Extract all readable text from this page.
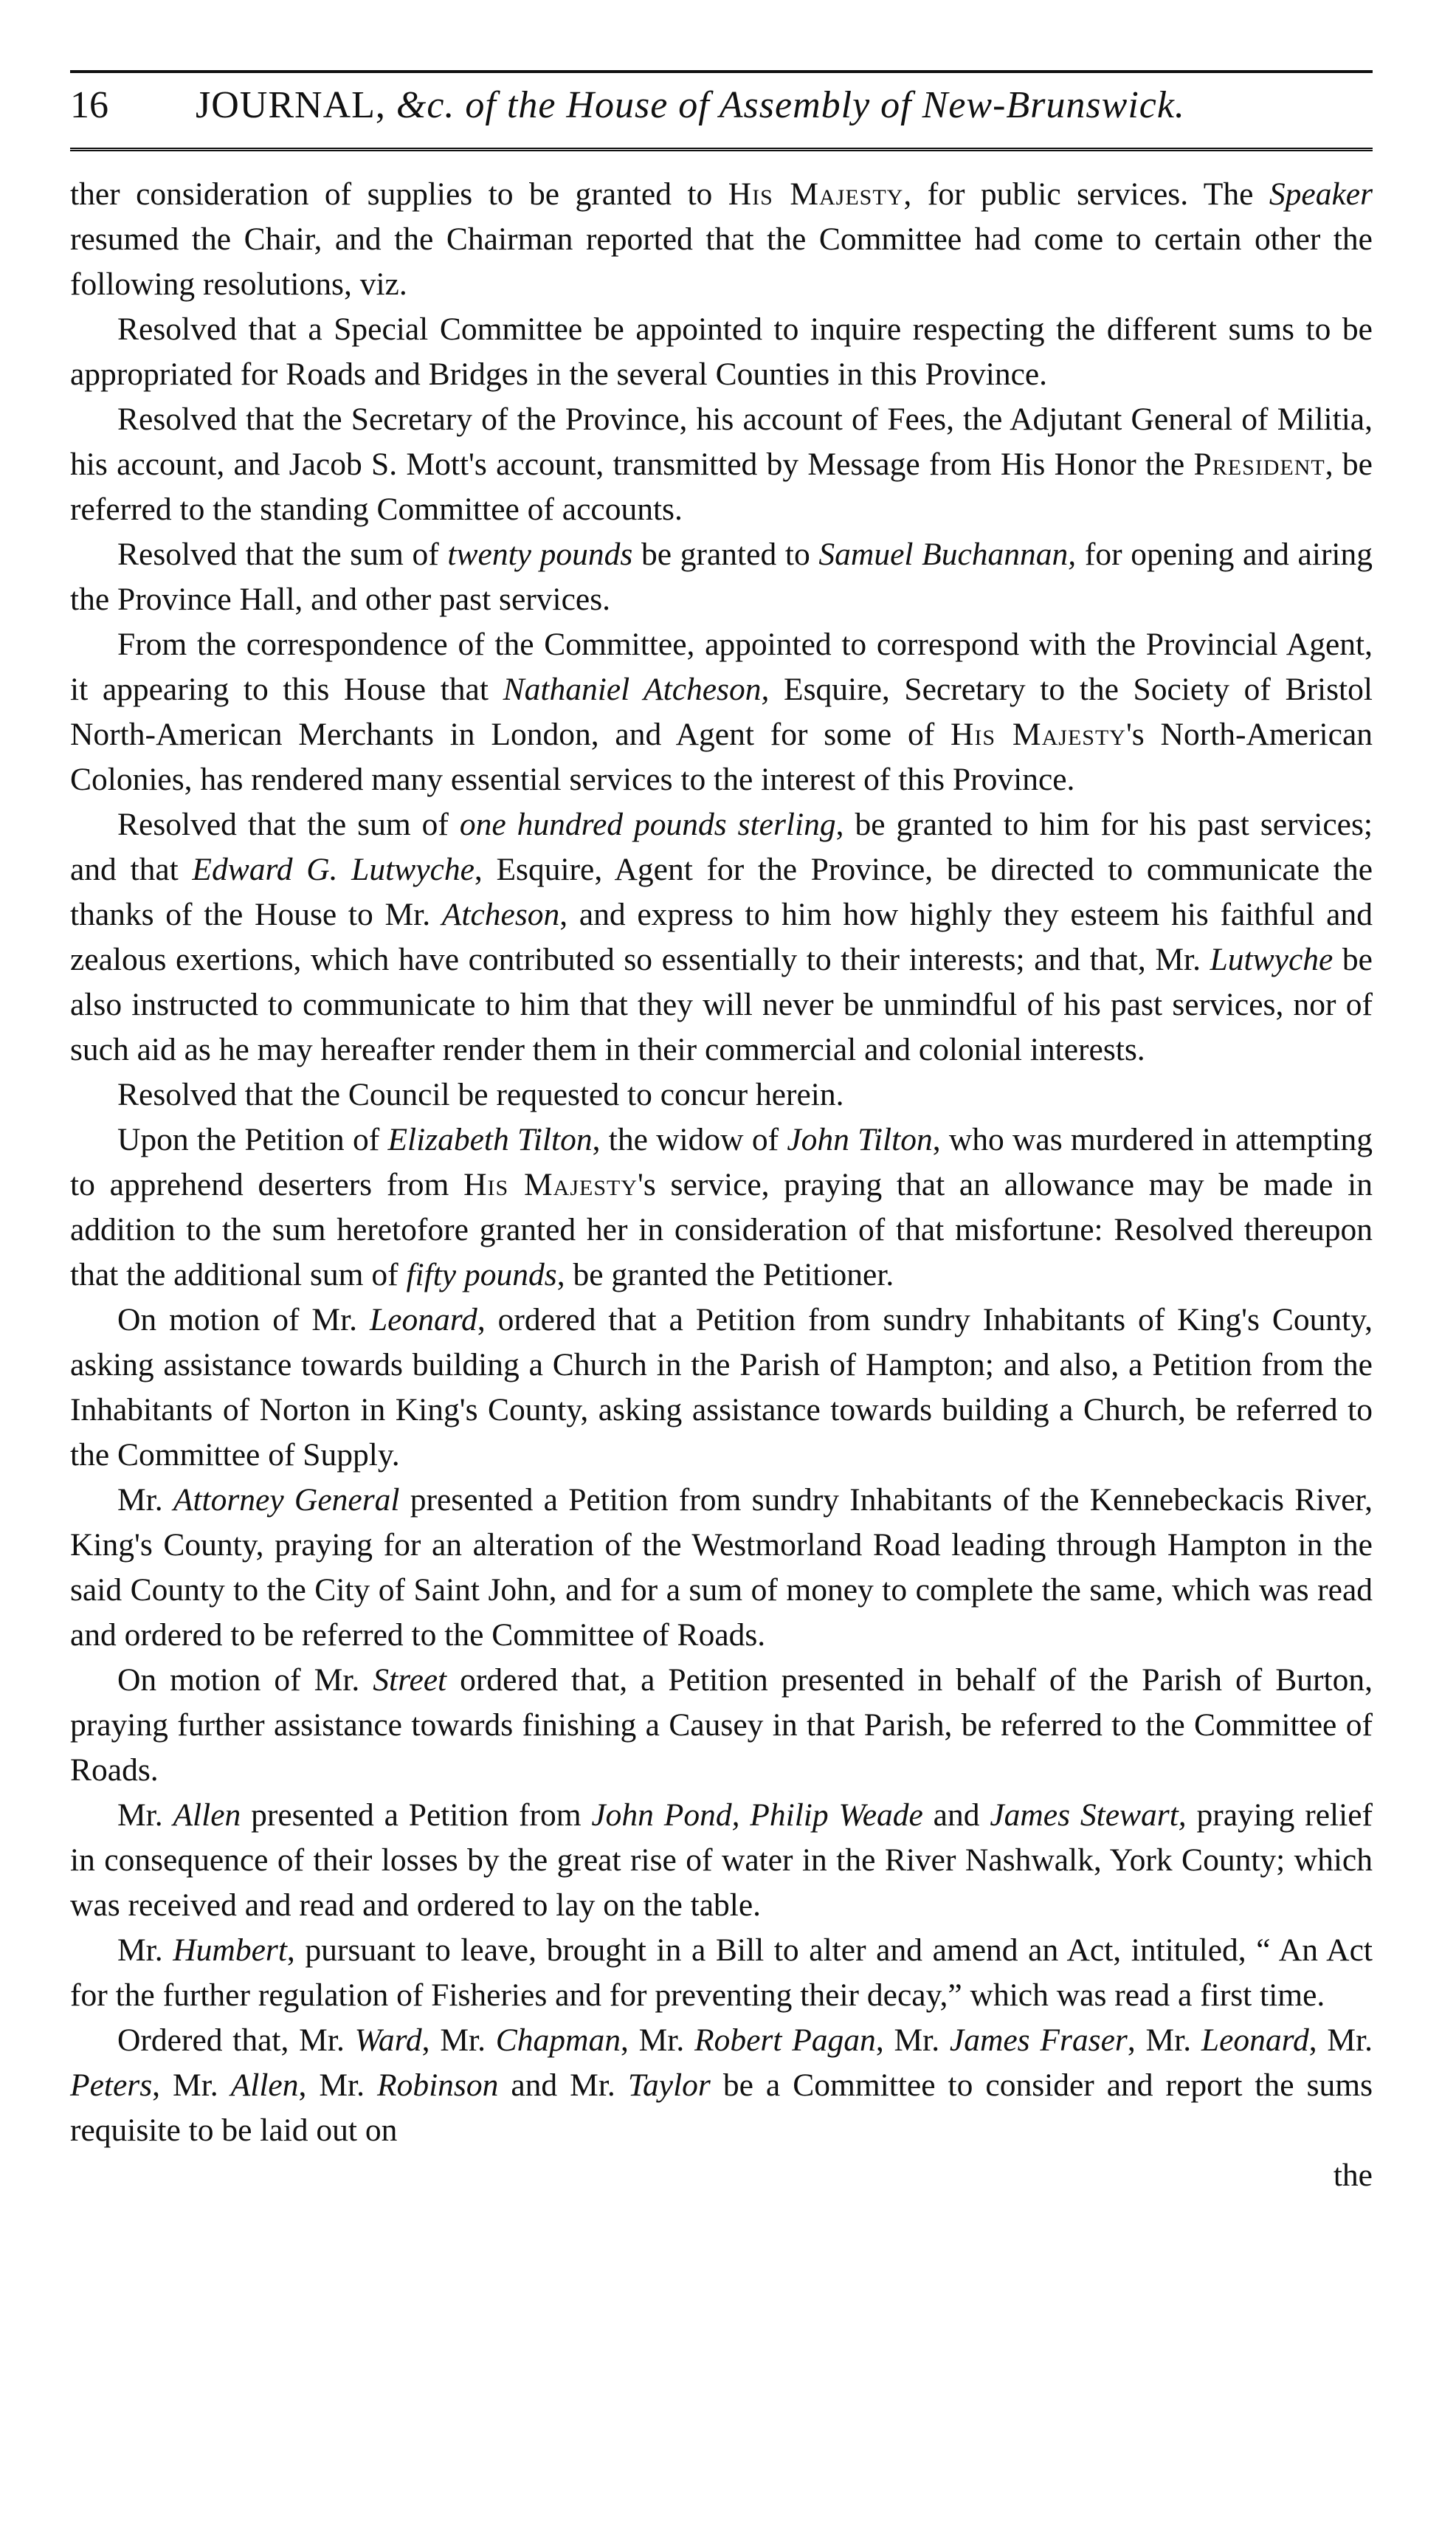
16 JOURNAL, &c. of the House of Assembly of New-Brunswick.

ther consideration of supplies to be granted to His Majesty, for public services. The Speaker resumed the Chair, and the Chairman reported that the Committee had come to certain other the following resolutions, viz.

Resolved that a Special Committee be appointed to inquire respecting the different sums to be appropriated for Roads and Bridges in the several Counties in this Province.

Resolved that the Secretary of the Province, his account of Fees, the Adjutant General of Militia, his account, and Jacob S. Mott's account, transmitted by Message from His Honor the President, be referred to the standing Committee of accounts.

Resolved that the sum of twenty pounds be granted to Samuel Buchannan, for opening and airing the Province Hall, and other past services.

From the correspondence of the Committee, appointed to correspond with the Provincial Agent, it appearing to this House that Nathaniel Atcheson, Esquire, Secretary to the Society of Bristol North-American Merchants in London, and Agent for some of His Majesty's North-American Colonies, has rendered many essential services to the interest of this Province.

Resolved that the sum of one hundred pounds sterling, be granted to him for his past services; and that Edward G. Lutwyche, Esquire, Agent for the Province, be directed to communicate the thanks of the House to Mr. Atcheson, and express to him how highly they esteem his faithful and zealous exertions, which have contributed so essentially to their interests; and that, Mr. Lutwyche be also instructed to communicate to him that they will never be unmindful of his past services, nor of such aid as he may hereafter render them in their commercial and colonial interests.

Resolved that the Council be requested to concur herein.

Upon the Petition of Elizabeth Tilton, the widow of John Tilton, who was murdered in attempting to apprehend deserters from His Majesty's service, praying that an allowance may be made in addition to the sum heretofore granted her in consideration of that misfortune: Resolved thereupon that the additional sum of fifty pounds, be granted the Petitioner.

On motion of Mr. Leonard, ordered that a Petition from sundry Inhabitants of King's County, asking assistance towards building a Church in the Parish of Hampton; and also, a Petition from the Inhabitants of Norton in King's County, asking assistance towards building a Church, be referred to the Committee of Supply.

Mr. Attorney General presented a Petition from sundry Inhabitants of the Kennebeckacis River, King's County, praying for an alteration of the Westmorland Road leading through Hampton in the said County to the City of Saint John, and for a sum of money to complete the same, which was read and ordered to be referred to the Committee of Roads.

On motion of Mr. Street ordered that, a Petition presented in behalf of the Parish of Burton, praying further assistance towards finishing a Causey in that Parish, be referred to the Committee of Roads.

Mr. Allen presented a Petition from John Pond, Philip Weade and James Stewart, praying relief in consequence of their losses by the great rise of water in the River Nashwalk, York County; which was received and read and ordered to lay on the table.

Mr. Humbert, pursuant to leave, brought in a Bill to alter and amend an Act, intituled, “ An Act for the further regulation of Fisheries and for preventing their decay,” which was read a first time.

Ordered that, Mr. Ward, Mr. Chapman, Mr. Robert Pagan, Mr. James Fraser, Mr. Leonard, Mr. Peters, Mr. Allen, Mr. Robinson and Mr. Taylor be a Committee to consider and report the sums requisite to be laid out on

the
